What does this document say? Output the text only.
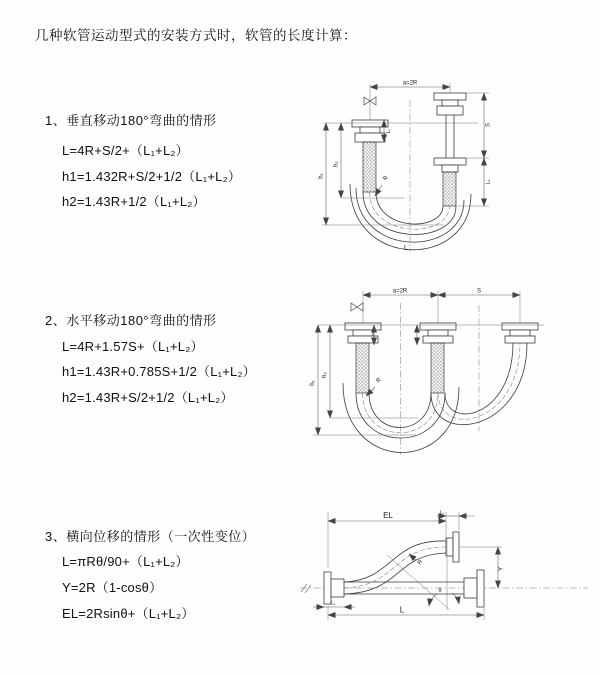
几种软管运动型式的安装方式时，软管的长度计算：
1、垂直移动180°弯曲的情形
L=4R+S/2+（L₁+L₂）
h1=1.432R+S/2+1/2（L₁+L₂）
h2=1.43R+1/2（L₁+L₂）
a=2R
h₁
h₂
L₁
S
L₂
R
L
2、水平移动180°弯曲的情形
L=4R+1.57S+（L₁+L₂）
h1=1.43R+0.785S+1/2（L₁+L₂）
h2=1.43R+S/2+1/2（L₁+L₂）
a=2R	S
h₁
h₂
R
3、横向位移的情形（一次性变位）
L=πRθ/90+（L₁+L₂）
Y=2R（1-cosθ）
EL=2Rsinθ+（L₁+L₂）
θ
R
EL	L₂
Y
L
L₁
